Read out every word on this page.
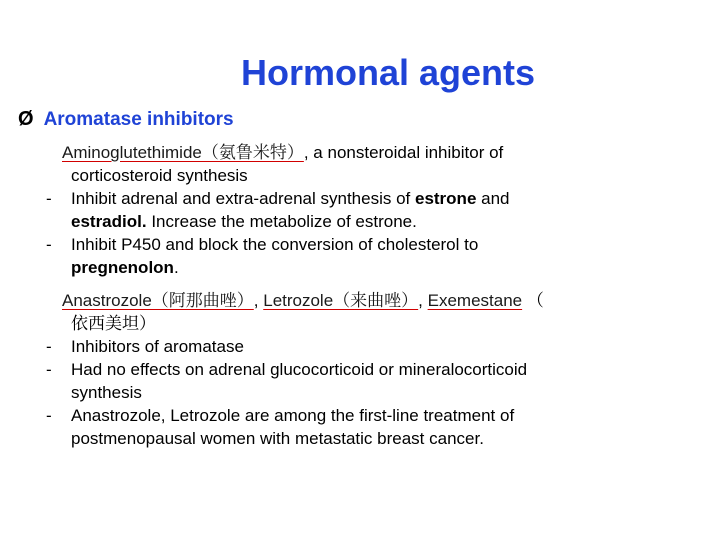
Hormonal agents
Ø Aromatase inhibitors
Aminoglutethimide（氨鲁米特）, a nonsteroidal inhibitor of
corticosteroid synthesis
- Inhibit adrenal and extra-adrenal synthesis of estrone and
estradiol. Increase the metabolize of estrone.
- Inhibit P450 and block the conversion of cholesterol to
pregnenolon.
Anastrozole（阿那曲唑）, Letrozole（来曲唑）, Exemestane （
依西美坦）
- Inhibitors of aromatase
- Had no effects on adrenal glucocorticoid or mineralocorticoid
synthesis
- Anastrozole, Letrozole are among the first-line treatment of
postmenopausal women with metastatic breast cancer.
